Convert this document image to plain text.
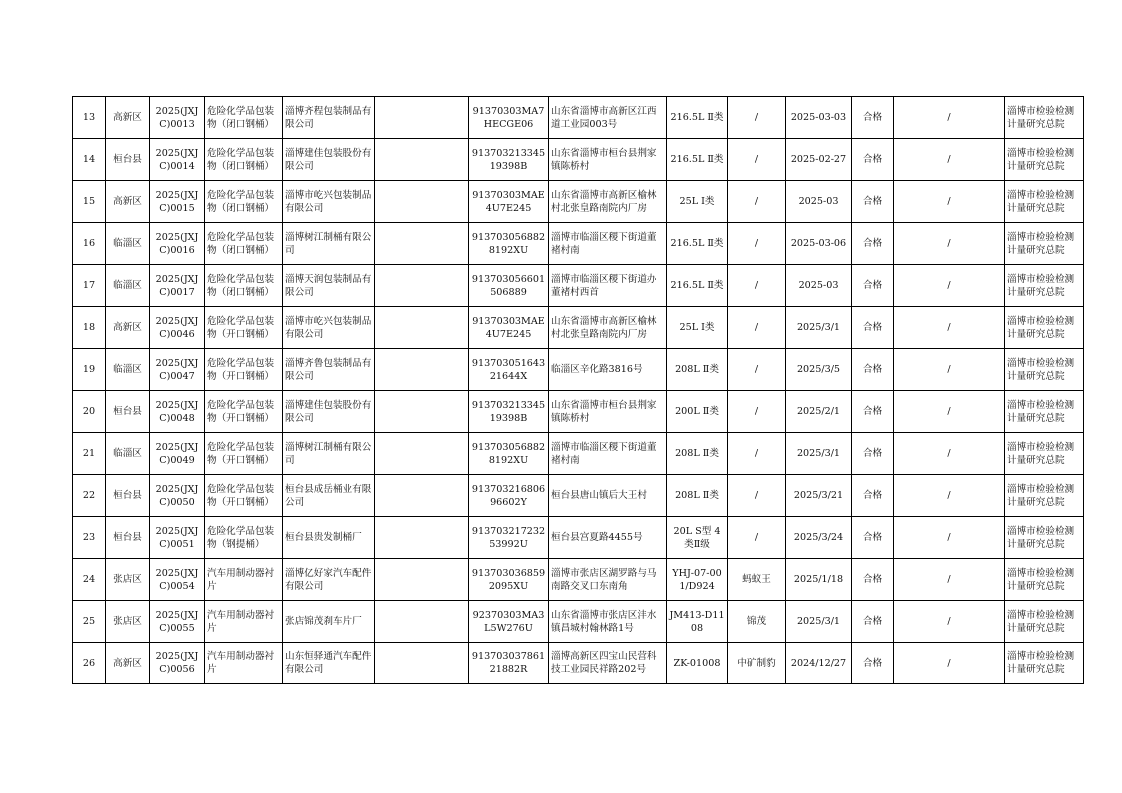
13	高新区	2025(JXJC)0013	危险化学品包装物（闭口钢桶）	淄博齐程包装制品有限公司		91370303MA7HECGE06	山东省淄博市高新区江西道工业园003号	216.5L Ⅱ类	/	2025-03-03	合格	/	淄博市检验检测计量研究总院
14	桓台县	2025(JXJC)0014	危险化学品包装物（闭口钢桶）	淄博建佳包装股份有限公司		91370321334519398B	山东省淄博市桓台县荆家镇陈桥村	216.5L Ⅱ类	/	2025-02-27	合格	/	淄博市检验检测计量研究总院
15	高新区	2025(JXJC)0015	危险化学品包装物（闭口钢桶）	淄博市屹兴包装制品有限公司		91370303MAE4U7E245	山东省淄博市高新区榆林村北张皇路南院内厂房	25L Ⅰ类	/	2025-03	合格	/	淄博市检验检测计量研究总院
16	临淄区	2025(JXJC)0016	危险化学品包装物（闭口钢桶）	淄博树江制桶有限公司		9137030568828192XU	淄博市临淄区稷下街道董褚村南	216.5L Ⅱ类	/	2025-03-06	合格	/	淄博市检验检测计量研究总院
17	临淄区	2025(JXJC)0017	危险化学品包装物（闭口钢桶）	淄博天润包装制品有限公司		913703056601506889	淄博市临淄区稷下街道办董褚村西首	216.5L Ⅱ类	/	2025-03	合格	/	淄博市检验检测计量研究总院
18	高新区	2025(JXJC)0046	危险化学品包装物（开口钢桶）	淄博市屹兴包装制品有限公司		91370303MAE4U7E245	山东省淄博市高新区榆林村北张皇路南院内厂房	25L Ⅰ类	/	2025/3/1	合格	/	淄博市检验检测计量研究总院
19	临淄区	2025(JXJC)0047	危险化学品包装物（开口钢桶）	淄博齐鲁包装制品有限公司		91370305164321644X	临淄区辛化路3816号	208L Ⅱ类	/	2025/3/5	合格	/	淄博市检验检测计量研究总院
20	桓台县	2025(JXJC)0048	危险化学品包装物（开口钢桶）	淄博建佳包装股份有限公司		91370321334519398B	山东省淄博市桓台县荆家镇陈桥村	200L Ⅱ类	/	2025/2/1	合格	/	淄博市检验检测计量研究总院
21	临淄区	2025(JXJC)0049	危险化学品包装物（开口钢桶）	淄博树江制桶有限公司		9137030568828192XU	淄博市临淄区稷下街道董褚村南	208L Ⅱ类	/	2025/3/1	合格	/	淄博市检验检测计量研究总院
22	桓台县	2025(JXJC)0050	危险化学品包装物（开口钢桶）	桓台县成岳桶业有限公司		91370321680696602Y	桓台县唐山镇后大王村	208L Ⅱ类	/	2025/3/21	合格	/	淄博市检验检测计量研究总院
23	桓台县	2025(JXJC)0051	危险化学品包装物（钢提桶）	桓台县贵发制桶厂		91370321723253992U	桓台县宫夏路4455号	20L S型 4类Ⅱ级	/	2025/3/24	合格	/	淄博市检验检测计量研究总院
24	张店区	2025(JXJC)0054	汽车用制动器衬片	淄博亿好家汽车配件有限公司		9137030368592095XU	淄博市张店区湖罗路与马南路交叉口东南角	YHJ-07-001/D924	蚂蚁王	2025/1/18	合格	/	淄博市检验检测计量研究总院
25	张店区	2025(JXJC)0055	汽车用制动器衬片	张店锦茂刹车片厂		92370303MA3L5W276U	山东省淄博市张店区沣水镇昌城村翰林路1号	JM413-D1108	锦茂	2025/3/1	合格	/	淄博市检验检测计量研究总院
26	高新区	2025(JXJC)0056	汽车用制动器衬片	山东恒驿通汽车配件有限公司		91370303786121882R	淄博高新区四宝山民营科技工业园民祥路202号	ZK-01008	中矿制豹	2024/12/27	合格	/	淄博市检验检测计量研究总院
